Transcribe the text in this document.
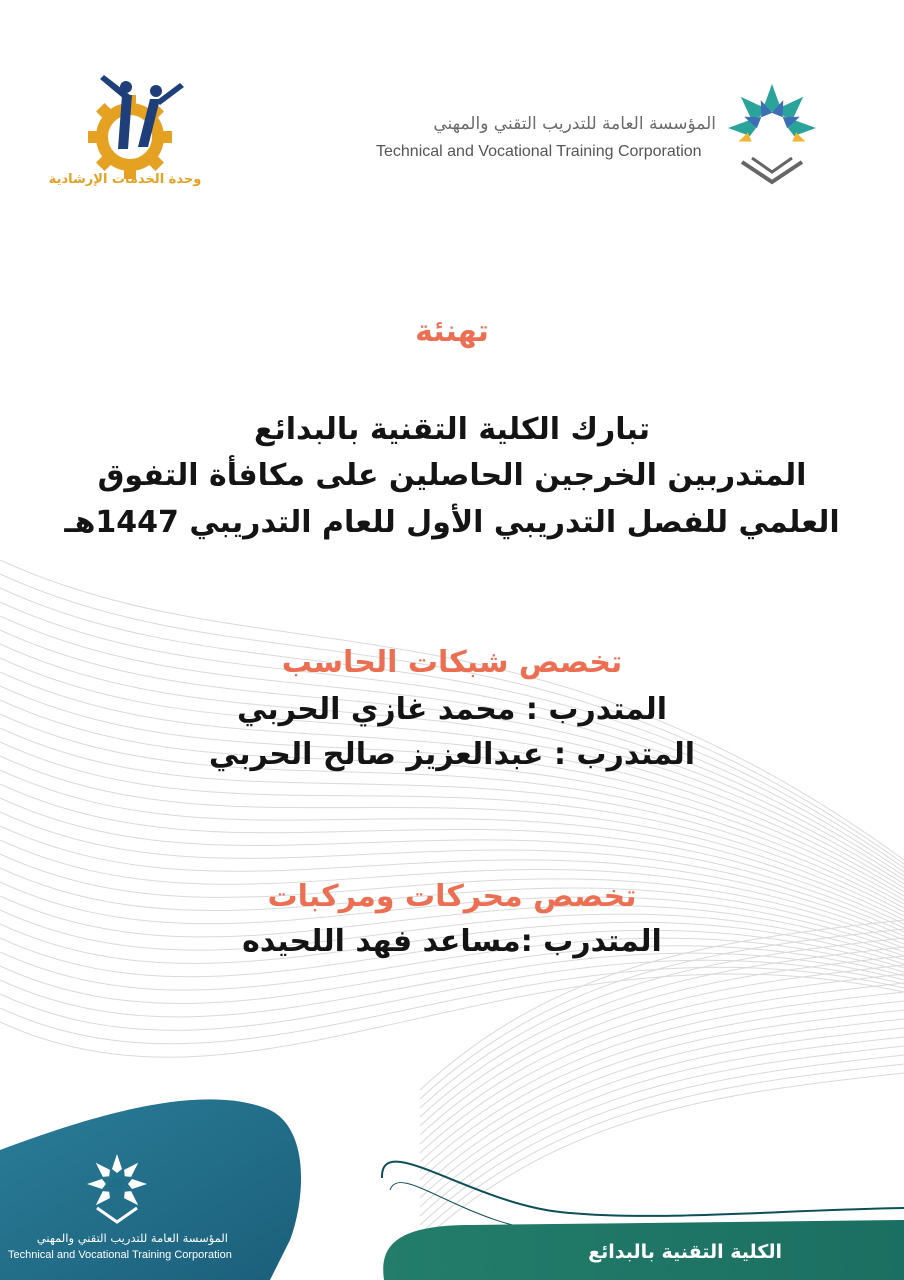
المؤسسة العامة للتدريب التقني والمهني
Technical and Vocational Training Corporation
وحدة الخدمات الإرشادية
تهنئة
تبارك الكلية التقنية بالبدائع
المتدربين الخرجين الحاصلين على مكافأة التفوق
العلمي للفصل التدريبي الأول للعام التدريبي 1447هـ
تخصص شبكات الحاسب
المتدرب : محمد غازي الحربي
المتدرب : عبدالعزيز صالح الحربي
تخصص محركات ومركبات
المتدرب :مساعد فهد اللحيده
المؤسسة العامة للتدريب التقني والمهني
Technical and Vocational Training Corporation	الكلية التقنية بالبدائع
